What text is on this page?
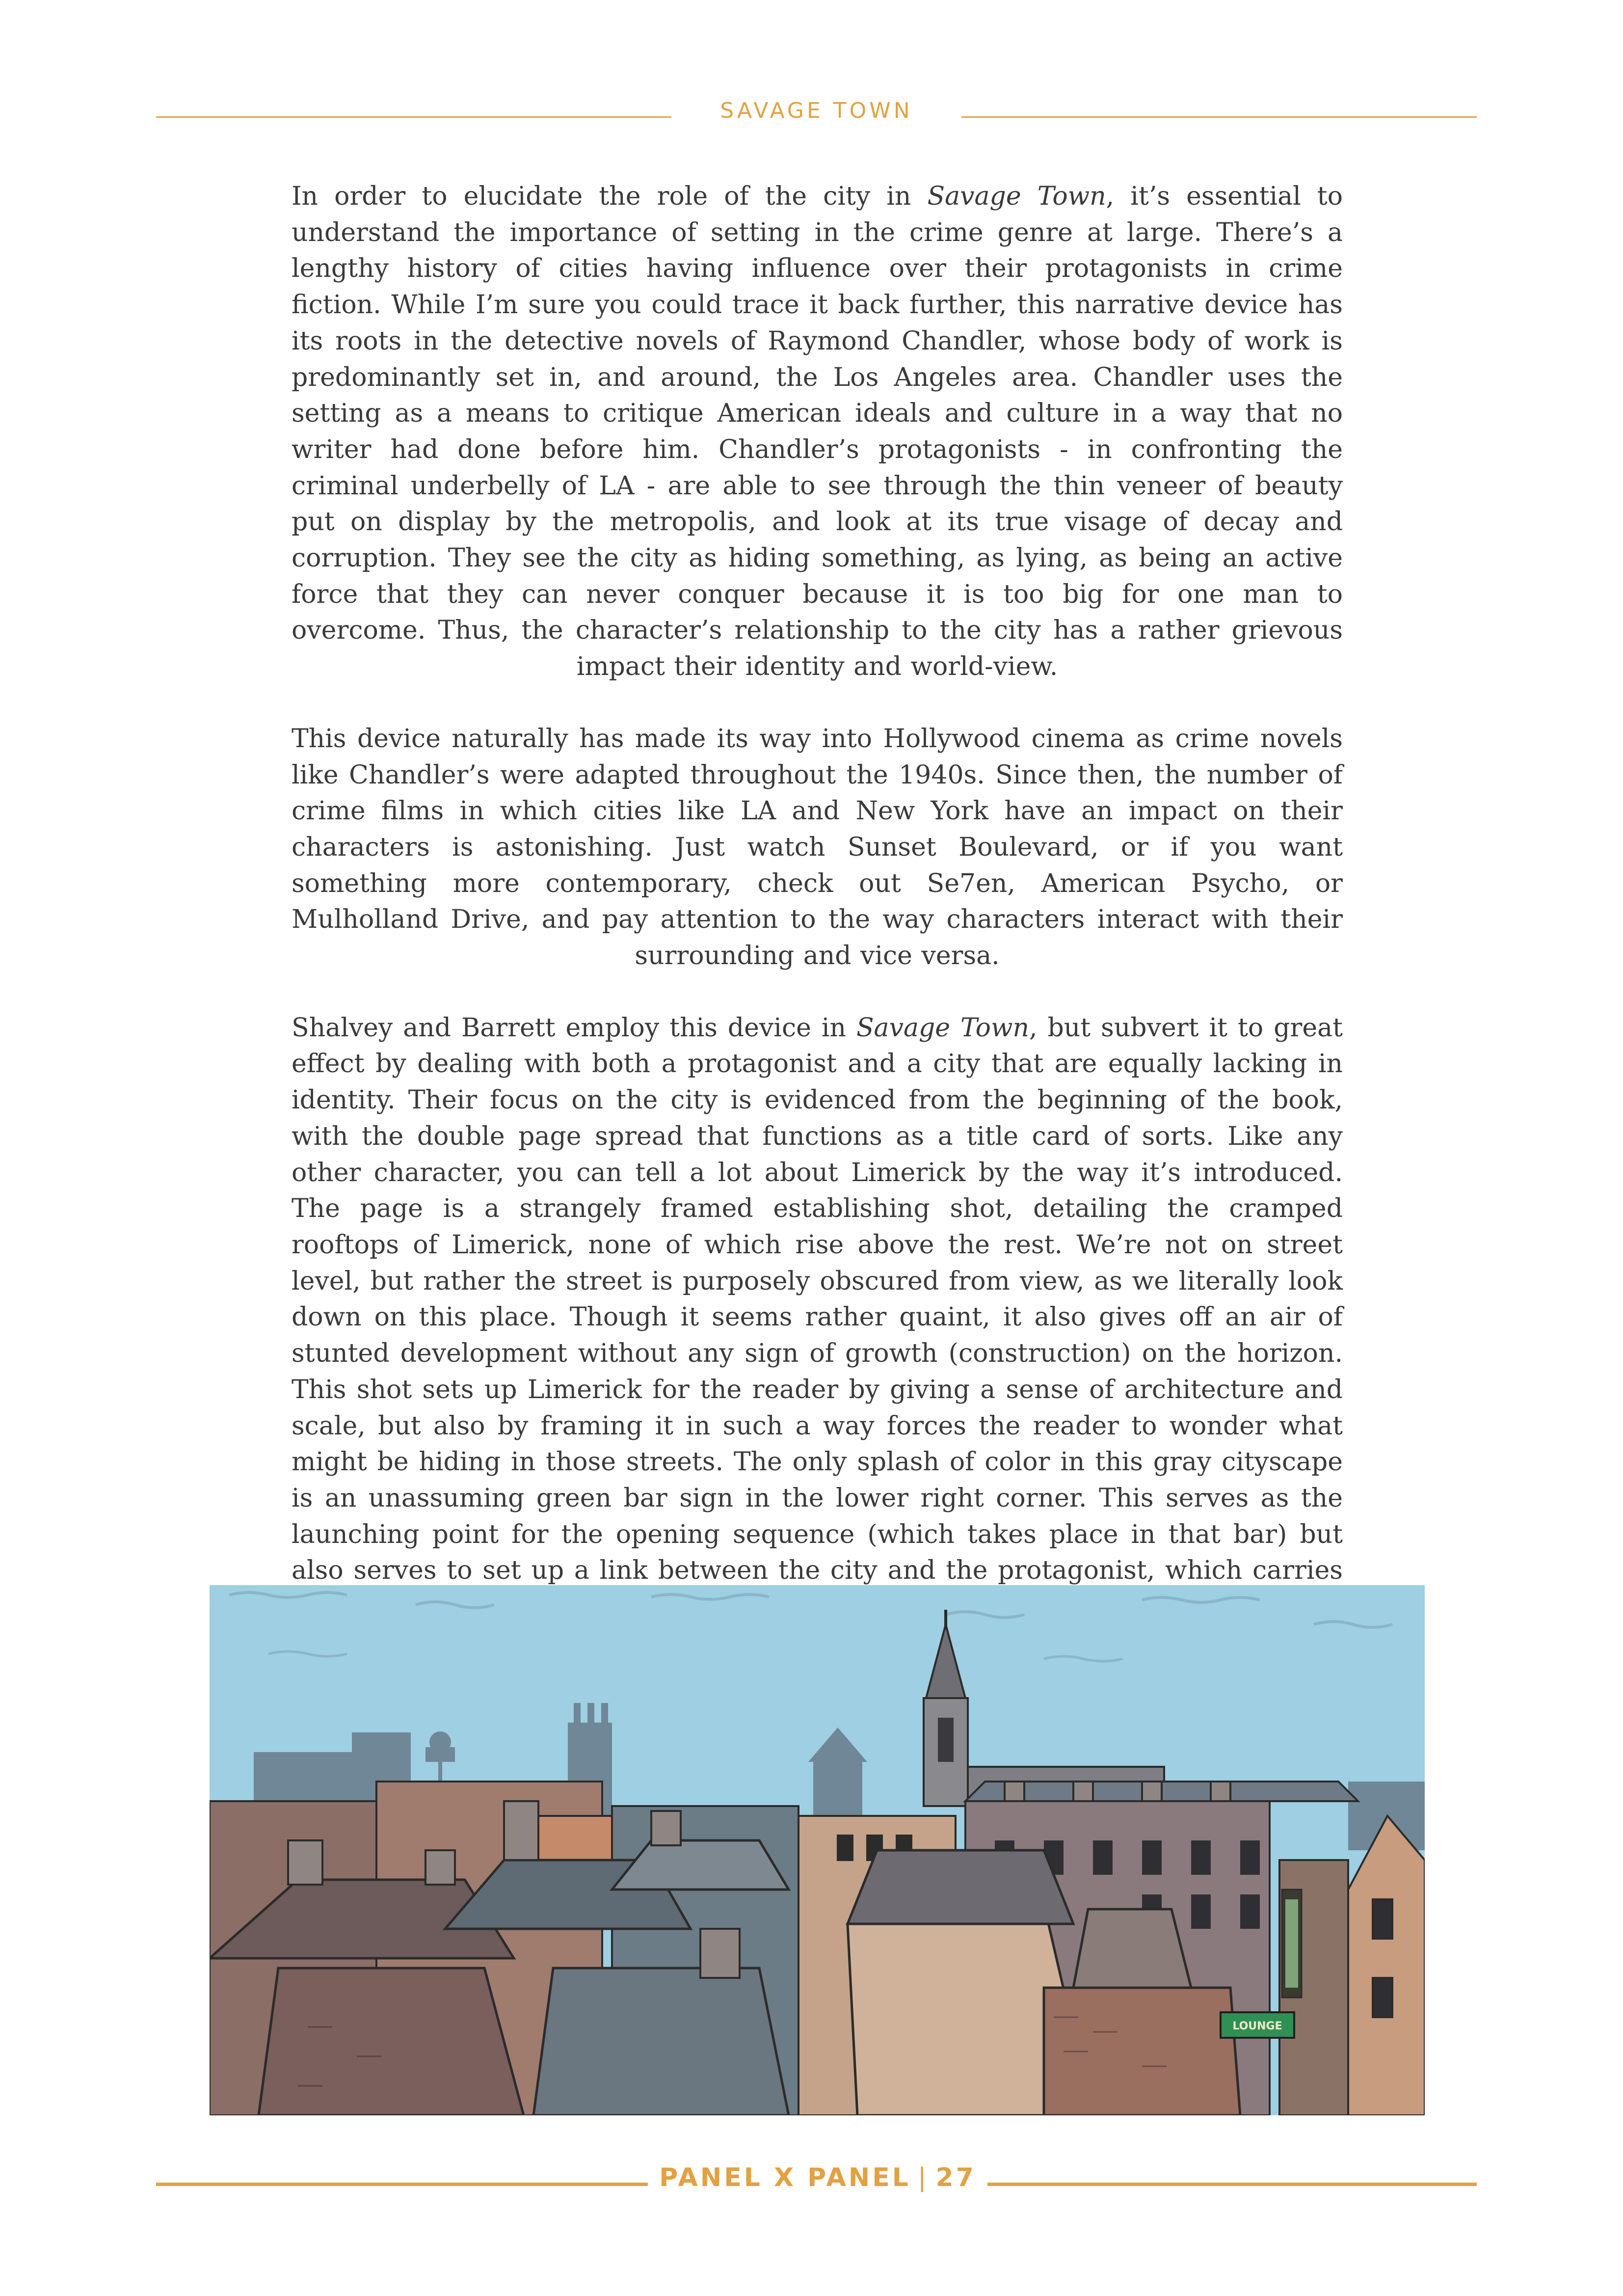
SAVAGE TOWN

In order to elucidate the role of the city in Savage Town, it’s essential to understand the importance of setting in the crime genre at large. There’s a lengthy history of cities having influence over their protagonists in crime fiction. While I’m sure you could trace it back further, this narrative device has its roots in the detective novels of Raymond Chandler, whose body of work is predominantly set in, and around, the Los Angeles area. Chandler uses the setting as a means to critique American ideals and culture in a way that no writer had done before him. Chandler’s protagonists - in confronting the criminal underbelly of LA - are able to see through the thin veneer of beauty put on display by the metropolis, and look at its true visage of decay and corruption. They see the city as hiding something, as lying, as being an active force that they can never conquer because it is too big for one man to overcome. Thus, the character’s relationship to the city has a rather grievous impact their identity and world-view.

This device naturally has made its way into Hollywood cinema as crime novels like Chandler’s were adapted throughout the 1940s. Since then, the number of crime films in which cities like LA and New York have an impact on their characters is astonishing. Just watch Sunset Boulevard, or if you want something more contemporary, check out Se7en, American Psycho, or Mulholland Drive, and pay attention to the way characters interact with their surrounding and vice versa.

Shalvey and Barrett employ this device in Savage Town, but subvert it to great effect by dealing with both a protagonist and a city that are equally lacking in identity. Their focus on the city is evidenced from the beginning of the book, with the double page spread that functions as a title card of sorts. Like any other character, you can tell a lot about Limerick by the way it’s introduced. The page is a strangely framed establishing shot, detailing the cramped rooftops of Limerick, none of which rise above the rest. We’re not on street level, but rather the street is purposely obscured from view, as we literally look down on this place. Though it seems rather quaint, it also gives off an air of stunted development without any sign of growth (construction) on the horizon. This shot sets up Limerick for the reader by giving a sense of architecture and scale, but also by framing it in such a way forces the reader to wonder what might be hiding in those streets. The only splash of color in this gray cityscape is an unassuming green bar sign in the lower right corner. This serves as the launching point for the opening sequence (which takes place in that bar) but also serves to set up a link between the city and the protagonist, which carries

LOUNGE
PANEL X PANEL | 27
